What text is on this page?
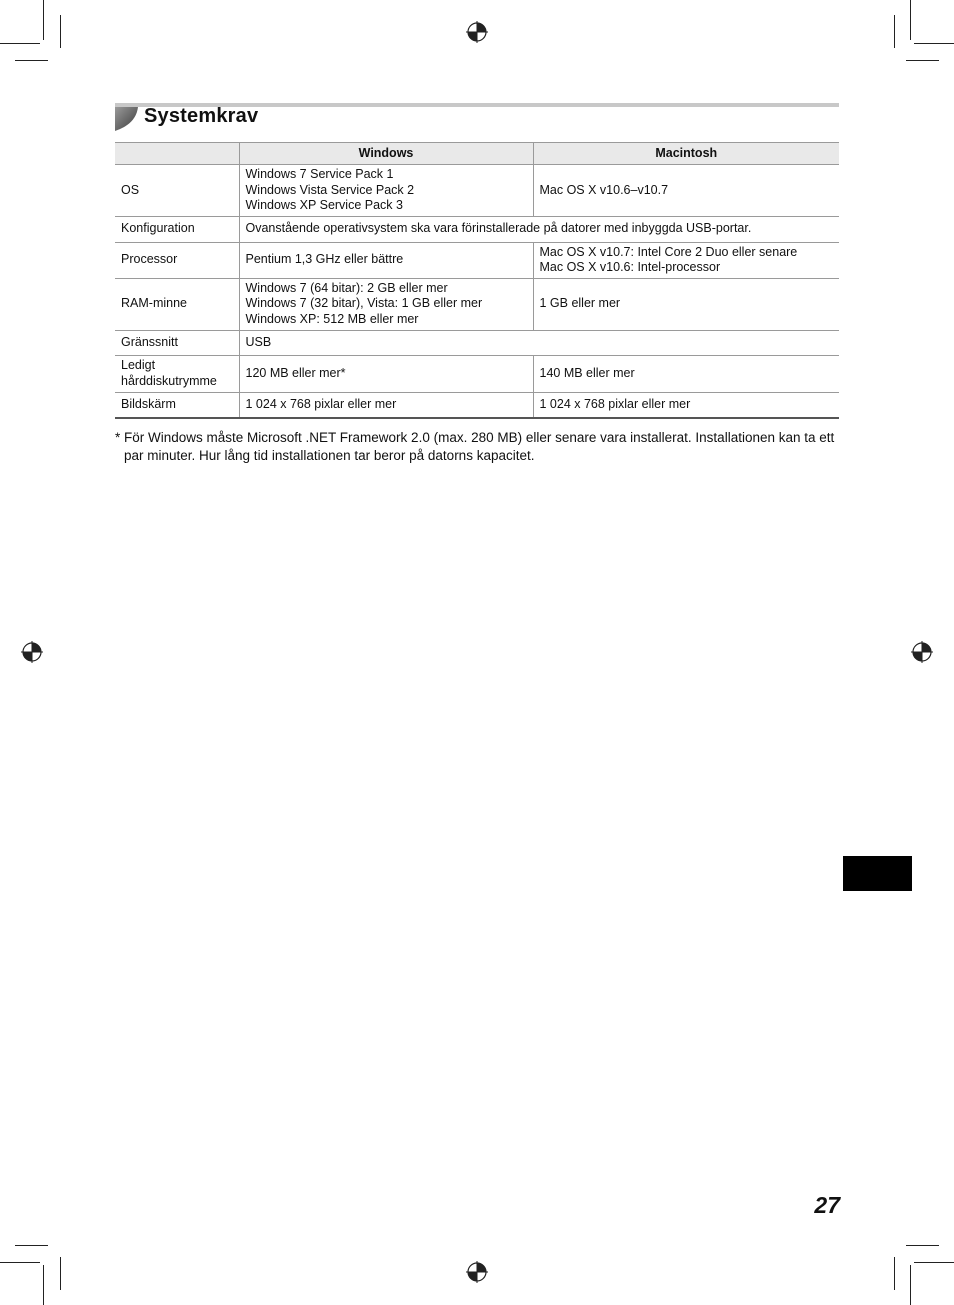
Systemkrav
	Windows	Macintosh
OS	Windows 7 Service Pack 1
Windows Vista Service Pack 2
Windows XP Service Pack 3	Mac OS X v10.6–v10.7

Konfiguration	Ovanstående operativsystem ska vara förinstallerade på datorer med inbyggda USB-portar.	
Processor	Pentium 1,3 GHz eller bättre	Mac OS X v10.7: Intel Core 2 Duo eller senare
Mac OS X v10.6: Intel-processor

RAM-minne	Windows 7 (64 bitar): 2 GB eller mer
Windows 7 (32 bitar), Vista: 1 GB eller mer
Windows XP: 512 MB eller mer	1 GB eller mer

Gränssnitt	USB	

Ledigt
hårddiskutrymme	120 MB eller mer*	140 MB eller mer

Bildskärm	1 024 x 768 pixlar eller mer	1 024 x 768 pixlar eller mer
* För Windows måste Microsoft .NET Framework 2.0 (max. 280 MB) eller senare vara installerat. Installationen kan ta ett par minuter. Hur lång tid installationen tar beror på datorns kapacitet.
27
